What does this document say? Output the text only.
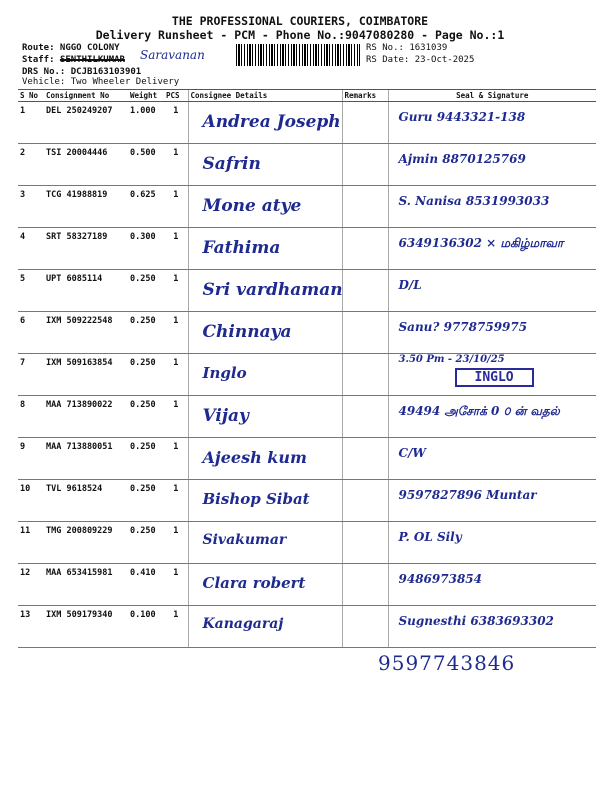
THE PROFESSIONAL COURIERS, COIMBATORE
Delivery Runsheet - PCM - Phone No.:9047080280 - Page No.:1
Route: NGGO COLONY
Staff: SENTHILKUMAR Saravanan
DRS No.: DCJB163103901
Vehicle: Two Wheeler Delivery
RS No.: 1631039
RS Date: 23-Oct-2025
S No	Consignment No	Weight	PCS	Consignee Details	Remarks	Seal & Signature
1	DEL 250249207	1.000	1	Andrea Joseph		Guru 9443321-138

2	TSI 20004446	0.500	1	Safrin		Ajmin 8870125769

3	TCG 41988819	0.625	1	Mone atye		S. Nanisa 8531993033

4	SRT 58327189	0.300	1	Fathima		6349136302 × மகிழ்மாவா

5	UPT 6085114	0.250	1	Sri vardhaman		D/L

6	IXM 509222548	0.250	1	Chinnaya		Sanu? 9778759975

7	IXM 509163854	0.250	1	Inglo		3.50 Pm - 23/10/25
INGLO

8	MAA 713890022	0.250	1	Vijay		49494 அசோக் 0 ௦ ன் வதல்

9	MAA 713880051	0.250	1	Ajeesh kum		C/W

10	TVL 9618524	0.250	1	Bishop Sibat		9597827896 Muntar

11	TMG 200809229	0.250	1	Sivakumar		P. OL Sily

12	MAA 653415981	0.410	1	Clara robert		9486973854

13	IXM 509179340	0.100	1	Kanagaraj		Sugnesthi 6383693302
9597743846
